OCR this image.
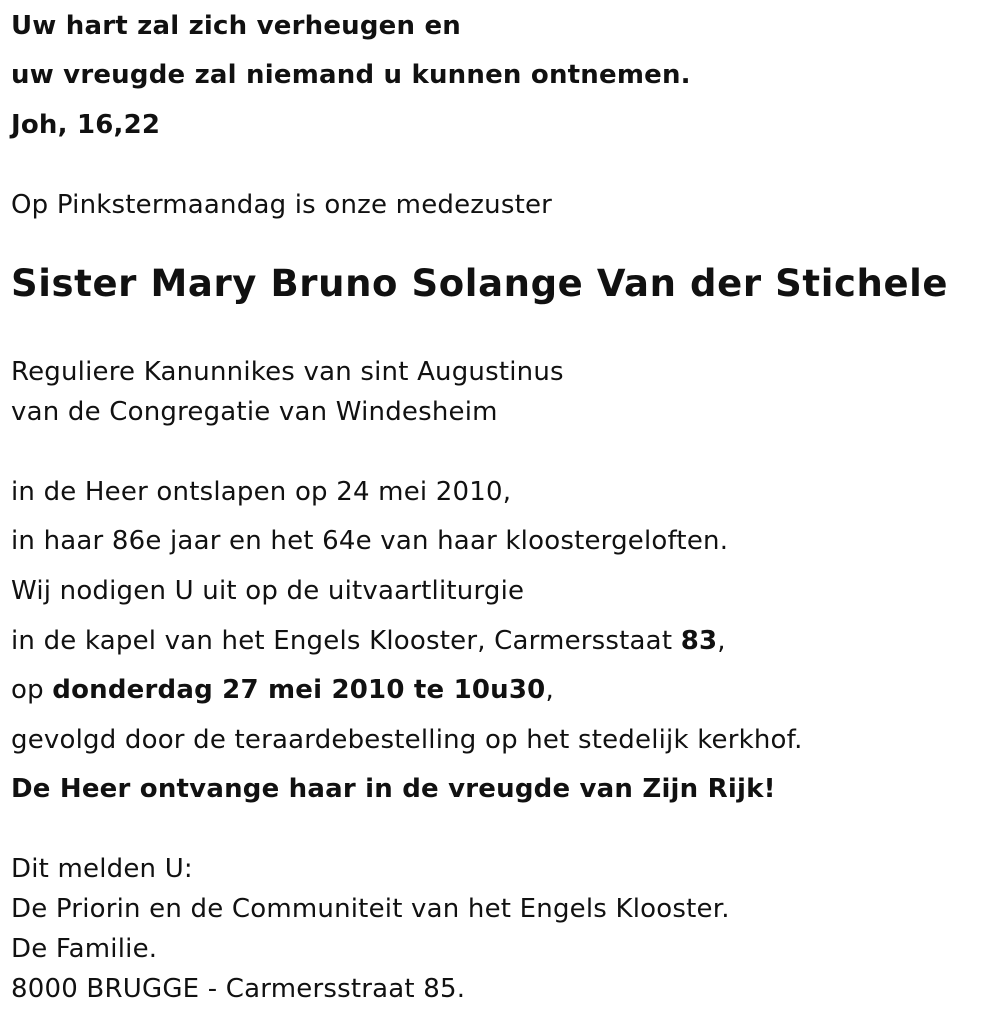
Uw hart zal zich verheugen en

uw vreugde zal niemand u kunnen ontnemen.

Joh, 16,22

Op Pinkstermaandag is onze medezuster

Sister Mary Bruno Solange Van der Stichele

Reguliere Kanunnikes van sint Augustinus

van de Congregatie van Windesheim

in de Heer ontslapen op 24 mei 2010,

in haar 86e jaar en het 64e van haar kloostergeloften.

Wij nodigen U uit op de uitvaartliturgie

in de kapel van het Engels Klooster, Carmersstaat 83,

op donderdag 27 mei 2010 te 10u30,

gevolgd door de teraardebestelling op het stedelijk kerkhof.

De Heer ontvange haar in de vreugde van Zijn Rijk!

Dit melden U:

De Priorin en de Communiteit van het Engels Klooster.

De Familie.

8000 BRUGGE - Carmersstraat 85.
